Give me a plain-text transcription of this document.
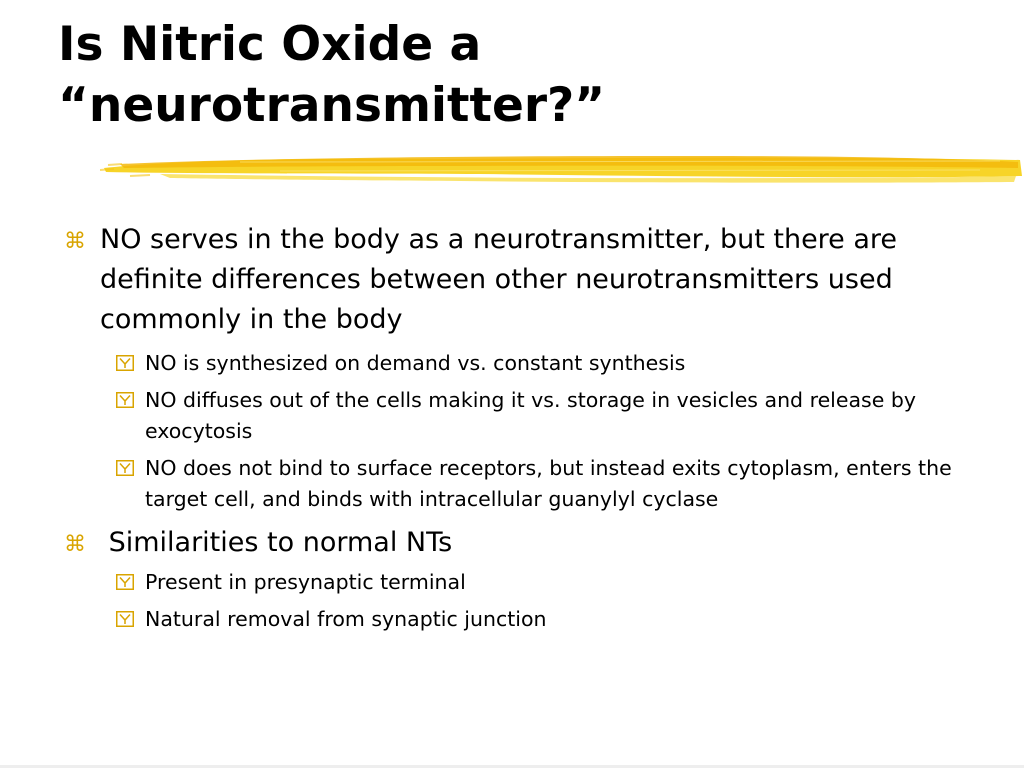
Is Nitric Oxide a
“neurotransmitter?”
⌘ NO serves in the body as a neurotransmitter, but there are definite differences between other neurotransmitters used commonly in the body
NO is synthesized on demand vs. constant synthesis
NO diffuses out of the cells making it vs. storage in vesicles and release by exocytosis
NO does not bind to surface receptors, but instead exits cytoplasm, enters the target cell, and binds with intracellular guanylyl cyclase
⌘ Similarities to normal NTs
Present in presynaptic terminal
Natural removal from synaptic junction
